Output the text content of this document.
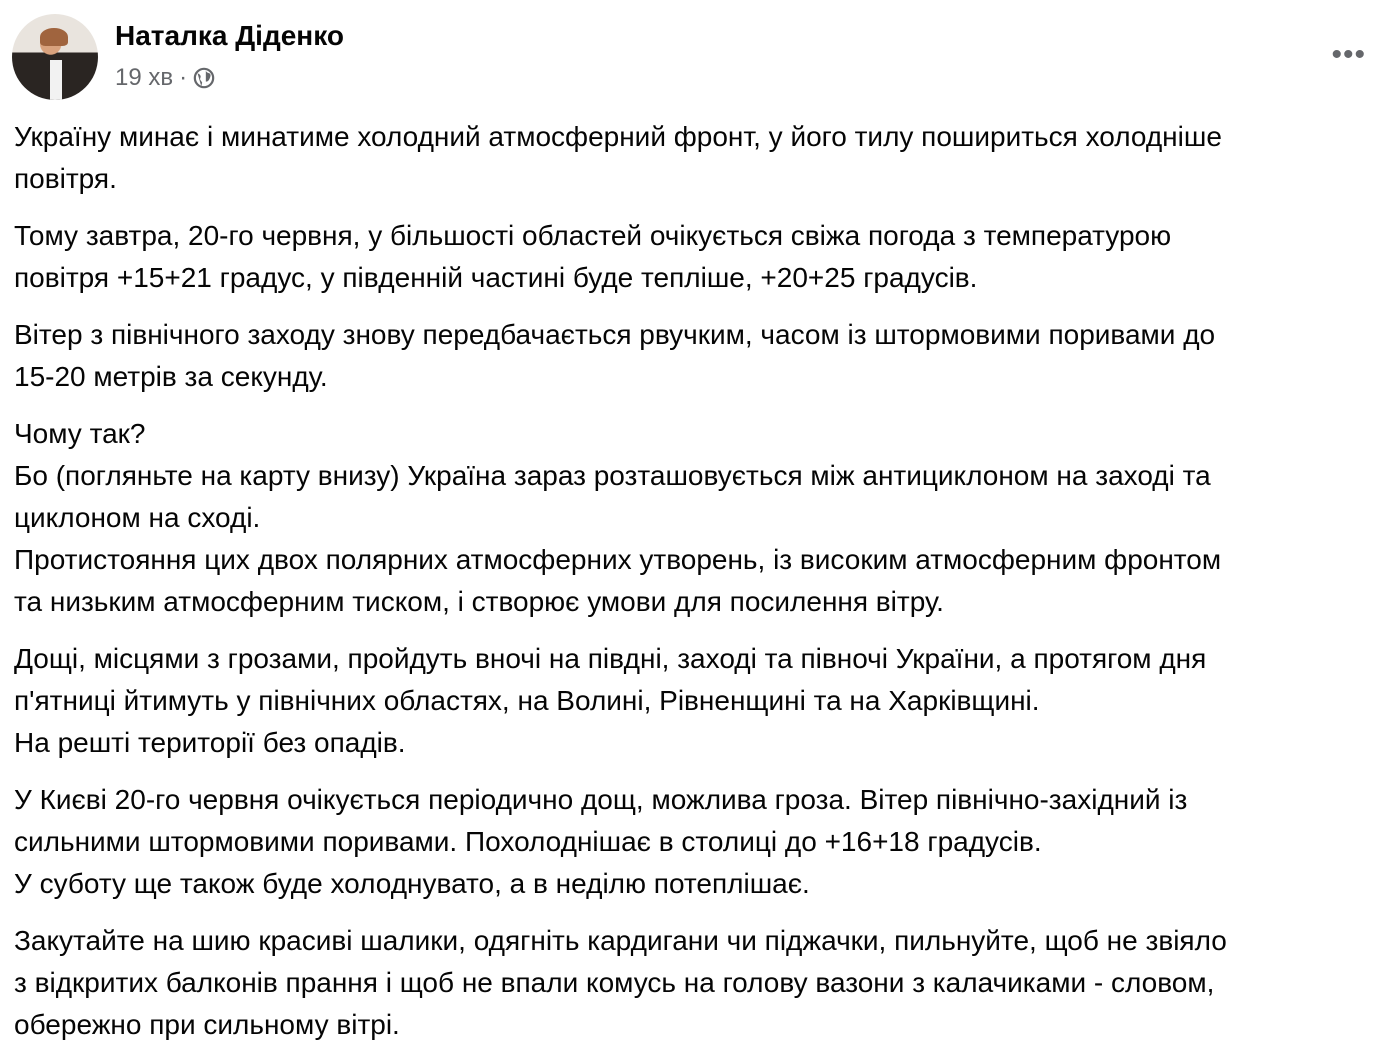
Наталка Діденко
19 хв ·
•••
Україну минає і минатиме холодний атмосферний фронт, у його тилу пошириться холодніше
повітря.
Тому завтра, 20-го червня, у більшості областей очікується свіжа погода з температурою
повітря +15+21 градус, у південній частині буде тепліше, +20+25 градусів.
Вітер з північного заходу знову передбачається рвучким, часом із штормовими поривами до
15-20 метрів за секунду.
Чому так?
Бо (погляньте на карту внизу) Україна зараз розташовується між антициклоном на заході та
циклоном на сході.
Протистояння цих двох полярних атмосферних утворень, із високим атмосферним фронтом
та низьким атмосферним тиском, і створює умови для посилення вітру.
Дощі, місцями з грозами, пройдуть вночі на півдні, заході та півночі України, а протягом дня
п'ятниці йтимуть у північних областях, на Волині, Рівненщині та на Харківщині.
На решті території без опадів.
У Києві 20-го червня очікується періодично дощ, можлива гроза. Вітер північно-західний із
сильними штормовими поривами. Похолоднішає в столиці до +16+18 градусів.
У суботу ще також буде холоднувато, а в неділю потеплішає.
Закутайте на шию красиві шалики, одягніть кардигани чи піджачки, пильнуйте, щоб не звіяло
з відкритих балконів прання і щоб не впали комусь на голову вазони з калачиками - словом,
обережно при сильному вітрі.
